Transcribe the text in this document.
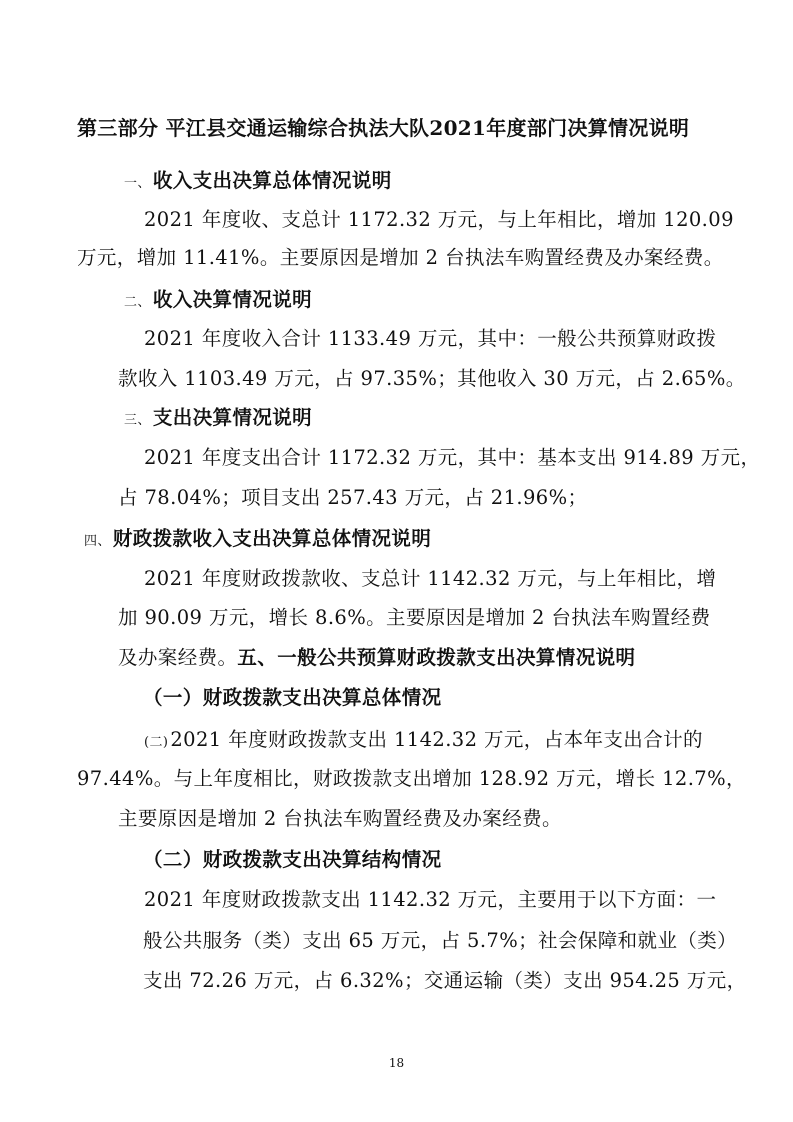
第三部分 平江县交通运输综合执法大队2021年度部门决算情况说明
一、 收入支出决算总体情况说明
2021 年度收、支总计 1172.32 万元，与上年相比，增加 120.09
万元，增加 11.41%。主要原因是增加 2 台执法车购置经费及办案经费。
二、 收入决算情况说明
2021 年度收入合计 1133.49 万元，其中：一般公共预算财政拨
款收入 1103.49 万元，占 97.35%；其他收入 30 万元，占 2.65%。
三、 支出决算情况说明
2021 年度支出合计 1172.32 万元，其中：基本支出 914.89 万元，
占 78.04%；项目支出 257.43 万元，占 21.96%；
四、 财政拨款收入支出决算总体情况说明
2021 年度财政拨款收、支总计 1142.32 万元，与上年相比，增
加 90.09 万元，增长 8.6%。主要原因是增加 2 台执法车购置经费
及办案经费。五、一般公共预算财政拨款支出决算情况说明
（一）财政拨款支出决算总体情况
(二) 2021 年度财政拨款支出 1142.32 万元，占本年支出合计的
97.44%。与上年度相比，财政拨款支出增加 128.92 万元，增长 12.7%，
主要原因是增加 2 台执法车购置经费及办案经费。
（二）财政拨款支出决算结构情况
2021 年度财政拨款支出 1142.32 万元，主要用于以下方面：一
般公共服务（类）支出 65 万元，占 5.7%；社会保障和就业（类）
支出 72.26 万元，占 6.32%；交通运输（类）支出 954.25 万元，
18
